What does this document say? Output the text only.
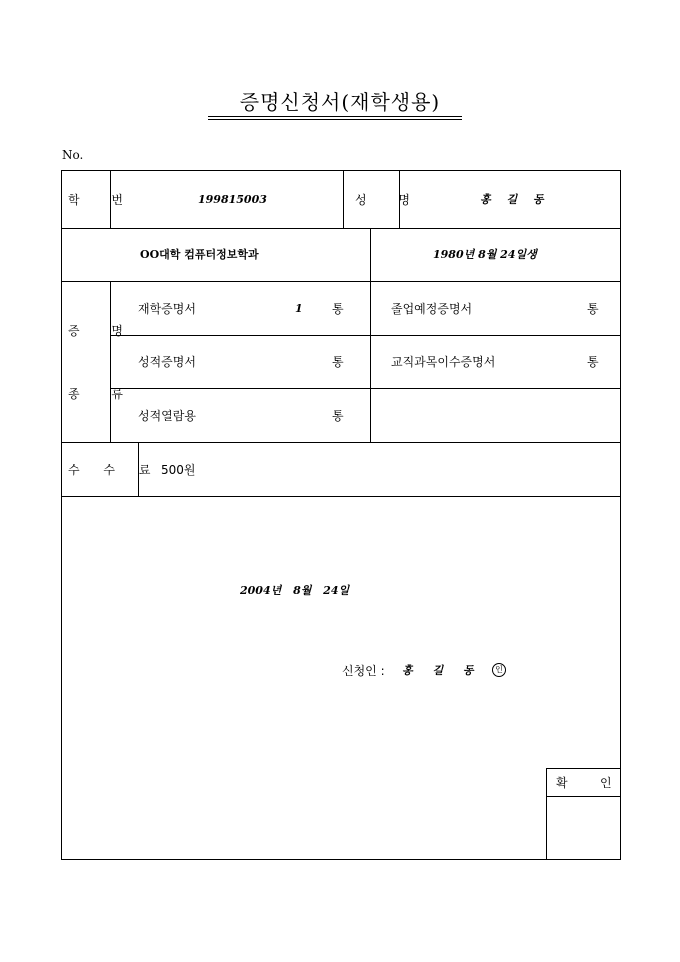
증명신청서(재학생용)
No.
학 번	199815003	성 명	홍 길 동
OO대학 컴퓨터정보학과	1980년 8월 24일생
증 명
종 류
재학증명서	1 통	졸업예정증명서	통
성적증명서	통	교직과목이수증명서	통
성적열람용	통
수 수 료 500원
2004년 8월 24일
신청인 : 홍 길 동	인
확	인
